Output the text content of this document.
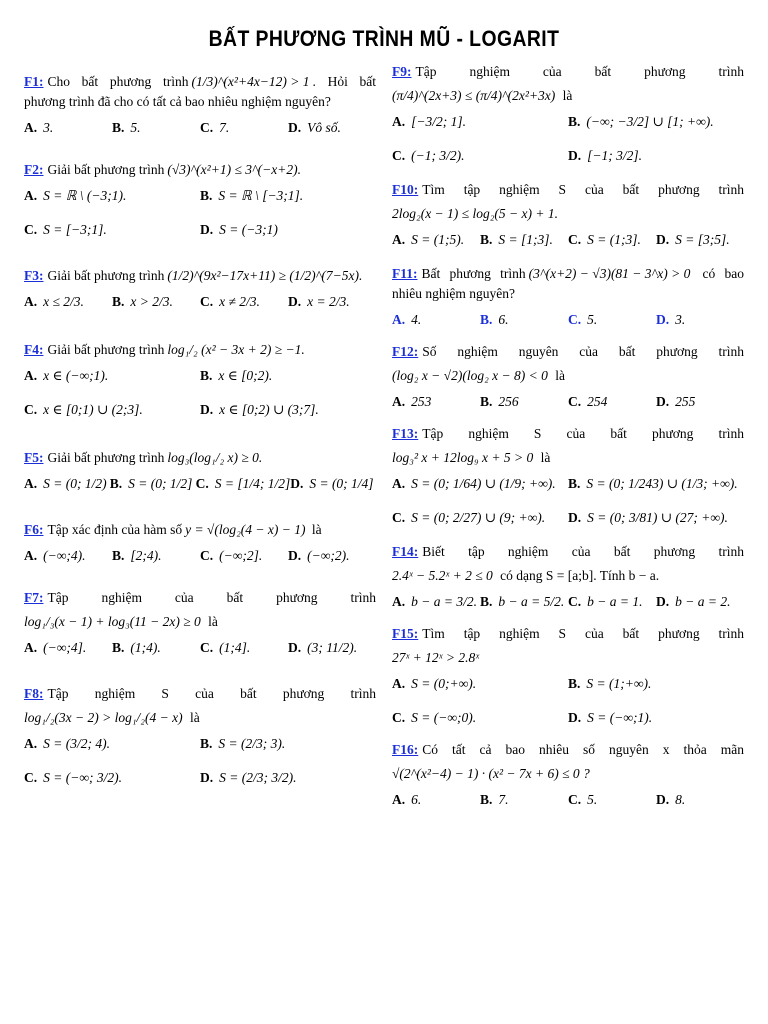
BẤT PHƯƠNG TRÌNH MŨ - LOGARIT
F1: Cho bất phương trình (1/3)^(x²+4x−12) > 1 . Hỏi bất phương trình đã cho có tất cả bao nhiêu nghiệm nguyên?
A. 3.	B. 5.	C. 7.	D. Vô số.
F2: Giải bất phương trình (√3)^(x²+1) ≤ 3^(−x+2).
A. S = ℝ \ (−3;1).	B. S = ℝ \ [−3;1].
C. S = [−3;1].	D. S = (−3;1)
F3: Giải bất phương trình (1/2)^(9x²−17x+11) ≥ (1/2)^(7−5x).
A. x ≤ 2/3.	B. x > 2/3.	C. x ≠ 2/3.	D. x = 2/3.
F4: Giải bất phương trình log₁/₂ (x² − 3x + 2) ≥ −1.
A. x ∈ (−∞;1).	B. x ∈ [0;2).
C. x ∈ [0;1) ∪ (2;3].	D. x ∈ [0;2) ∪ (3;7].
F5: Giải bất phương trình log₃(log₁/₂ x) ≥ 0.
A. S = (0; 1/2) B. S = (0; 1/2] C. S = [1/4; 1/2] D. S = (0; 1/4]
F6: Tập xác định của hàm số y = √(log₂(4 − x) − 1) là
A. (−∞;4).	B. [2;4).	C. (−∞;2].	D. (−∞;2).
F7: Tập nghiệm của bất phương trình
log₁/₃(x − 1) + log₃(11 − 2x) ≥ 0 là
A. (−∞;4].	B. (1;4).	C. (1;4].	D. (3; 11/2).
F8: Tập nghiệm S của bất phương trình
log₁/₂(3x − 2) > log₁/₂(4 − x) là
A. S = (3/2; 4).	B. S = (2/3; 3).
C. S = (−∞; 3/2).	D. S = (2/3; 3/2).
F9: Tập nghiệm của bất phương trình
(π/4)^(2x+3) ≤ (π/4)^(2x²+3x) là
A. [−3/2; 1].	B. (−∞; −3/2] ∪ [1; +∞).
C. (−1; 3/2).	D. [−1; 3/2].
F10: Tìm tập nghiệm S của bất phương trình
2log₂(x − 1) ≤ log₂(5 − x) + 1.
A. S = (1;5).	B. S = [1;3].	C. S = (1;3].	D. S = [3;5].
F11: Bất phương trình (3^(x+2) − √3)(81 − 3^x) > 0 có bao nhiêu nghiệm nguyên?
A. 4.	B. 6.	C. 5.	D. 3.
F12: Số nghiệm nguyên của bất phương trình
(log₂ x − √2)(log₂ x − 8) < 0 là
A. 253	B. 256	C. 254	D. 255
F13: Tập nghiệm S của bất phương trình
log₃² x + 12log₉ x + 5 > 0 là
A. S = (0; 1/64) ∪ (1/9; +∞). B. S = (0; 1/243) ∪ (1/3; +∞).
C. S = (0; 2/27) ∪ (9; +∞).	D. S = (0; 3/81) ∪ (27; +∞).
F14: Biết tập nghiệm của bất phương trình
2.4ˣ − 5.2ˣ + 2 ≤ 0 có dạng S = [a;b]. Tính b − a.
A. b − a = 3/2. B. b − a = 5/2. C. b − a = 1.	D. b − a = 2.
F15: Tìm tập nghiệm S của bất phương trình
27ˣ + 12ˣ > 2.8ˣ
A. S = (0;+∞).	B. S = (1;+∞).
C. S = (−∞;0).	D. S = (−∞;1).
F16: Có tất cả bao nhiêu số nguyên x thỏa mãn
√(2^(x²−4) − 1) · (x² − 7x + 6) ≤ 0 ?
A. 6.	B. 7.	C. 5.	D. 8.
